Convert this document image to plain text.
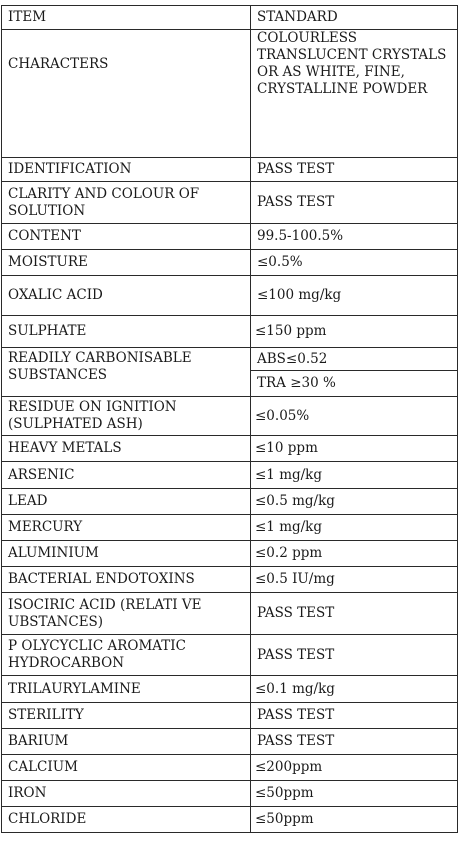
ITEM	STANDARD
CHARACTERS	COLOURLESS TRANSLUCENT CRYSTALS OR AS WHITE, FINE, CRYSTALLINE POWDER
IDENTIFICATION	PASS TEST
CLARITY AND COLOUR OF SOLUTION	PASS TEST
CONTENT	99.5-100.5%
MOISTURE	≤0.5%
OXALIC ACID	≤100 mg/kg
SULPHATE	≤150 ppm
READILY CARBONISABLE SUBSTANCES	ABS≤0.52
	TRA ≥30 %
RESIDUE ON IGNITION (SULPHATED ASH)	≤0.05%
HEAVY METALS	≤10 ppm
ARSENIC	≤1 mg/kg
LEAD	≤0.5 mg/kg
MERCURY	≤1 mg/kg
ALUMINIUM	≤0.2 ppm
BACTERIAL ENDOTOXINS	≤0.5 IU/mg
ISOCIRIC ACID (RELATI VE UBSTANCES)	PASS TEST
P OLYCYCLIC AROMATIC HYDROCARBON	PASS TEST
TRILAURYLAMINE	≤0.1 mg/kg
STERILITY	PASS TEST
BARIUM	PASS TEST
CALCIUM	≤200ppm
IRON	≤50ppm
CHLORIDE	≤50ppm
